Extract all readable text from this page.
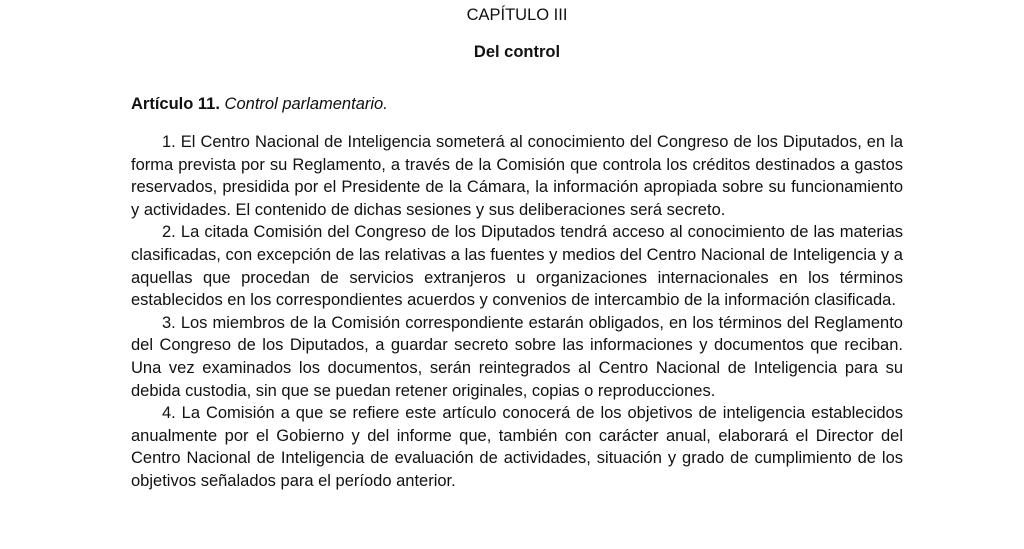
CAPÍTULO III
Del control
Artículo 11. Control parlamentario.

1. El Centro Nacional de Inteligencia someterá al conocimiento del Congreso de los Diputados, en la forma prevista por su Reglamento, a través de la Comisión que controla los créditos destinados a gastos reservados, presidida por el Presidente de la Cámara, la información apropiada sobre su funcionamiento y actividades. El contenido de dichas sesiones y sus deliberaciones será secreto.

2. La citada Comisión del Congreso de los Diputados tendrá acceso al conocimiento de las materias clasificadas, con excepción de las relativas a las fuentes y medios del Centro Nacional de Inteligencia y a aquellas que procedan de servicios extranjeros u organizaciones internacionales en los términos establecidos en los correspondientes acuerdos y convenios de intercambio de la información clasificada.

3. Los miembros de la Comisión correspondiente estarán obligados, en los términos del Reglamento del Congreso de los Diputados, a guardar secreto sobre las informaciones y documentos que reciban. Una vez examinados los documentos, serán reintegrados al Centro Nacional de Inteligencia para su debida custodia, sin que se puedan retener originales, copias o reproducciones.

4. La Comisión a que se refiere este artículo conocerá de los objetivos de inteligencia establecidos anualmente por el Gobierno y del informe que, también con carácter anual, elaborará el Director del Centro Nacional de Inteligencia de evaluación de actividades, situación y grado de cumplimiento de los objetivos señalados para el período anterior.
